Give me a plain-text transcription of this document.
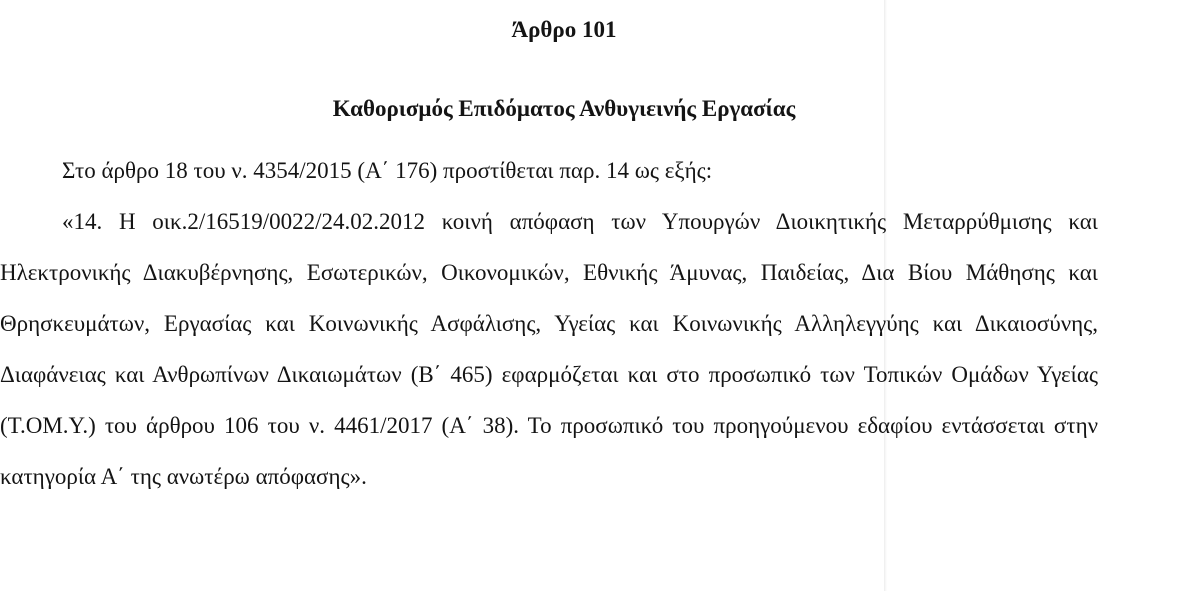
Άρθρο 101
Καθορισμός Επιδόματος Ανθυγιεινής Εργασίας

Στο άρθρο 18 του ν. 4354/2015 (Α΄ 176) προστίθεται παρ. 14 ως εξής:

«14. Η οικ.2/16519/0022/24.02.2012 κοινή απόφαση των Υπουργών Διοικητικής Μεταρρύθμισης και Ηλεκτρονικής Διακυβέρνησης, Εσωτερικών, Οικονομικών, Εθνικής Άμυνας, Παιδείας, Δια Βίου Μάθησης και Θρησκευμάτων, Εργασίας και Κοινωνικής Ασφάλισης, Υγείας και Κοινωνικής Αλληλεγγύης και Δικαιοσύνης, Διαφάνειας και Ανθρωπίνων Δικαιωμάτων (Β΄ 465) εφαρμόζεται και στο προσωπικό των Τοπικών Ομάδων Υγείας (Τ.ΟΜ.Υ.) του άρθρου 106 του ν. 4461/2017 (Α΄ 38). Το προσωπικό του προηγούμενου εδαφίου εντάσσεται στην κατηγορία Α΄ της ανωτέρω απόφασης».
